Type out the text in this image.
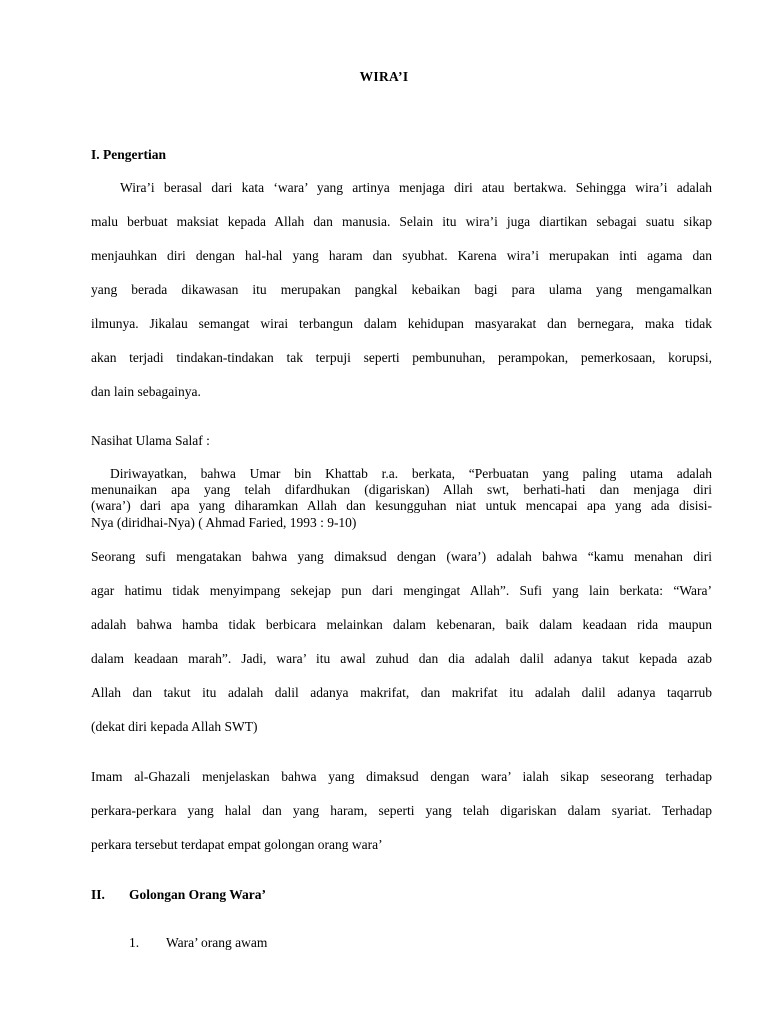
WIRA’I
I. Pengertian
Wira’i berasal dari kata ‘wara’ yang artinya menjaga diri atau bertakwa. Sehingga wira’i adalah
malu berbuat maksiat kepada Allah dan manusia. Selain itu wira’i juga diartikan sebagai suatu sikap
menjauhkan diri dengan hal-hal yang haram dan syubhat. Karena wira’i merupakan inti agama dan
yang berada dikawasan itu merupakan pangkal kebaikan bagi para ulama yang mengamalkan
ilmunya. Jikalau semangat wirai terbangun dalam kehidupan masyarakat dan bernegara, maka tidak
akan terjadi tindakan-tindakan tak terpuji seperti pembunuhan, perampokan, pemerkosaan, korupsi,
dan lain sebagainya.
Nasihat Ulama Salaf :
Diriwayatkan, bahwa Umar bin Khattab r.a. berkata, “Perbuatan yang paling utama adalah
menunaikan apa yang telah difardhukan (digariskan) Allah swt, berhati-hati dan menjaga diri
(wara’) dari apa yang diharamkan Allah dan kesungguhan niat untuk mencapai apa yang ada disisi-
Nya (diridhai-Nya) ( Ahmad Faried, 1993 : 9-10)
Seorang sufi mengatakan bahwa yang dimaksud dengan (wara’) adalah bahwa “kamu menahan diri
agar hatimu tidak menyimpang sekejap pun dari mengingat Allah”. Sufi yang lain berkata: “Wara’
adalah bahwa hamba tidak berbicara melainkan dalam kebenaran, baik dalam keadaan rida maupun
dalam keadaan marah”. Jadi, wara’ itu awal zuhud dan dia adalah dalil adanya takut kepada azab
Allah dan takut itu adalah dalil adanya makrifat, dan makrifat itu adalah dalil adanya taqarrub
(dekat diri kepada Allah SWT)
Imam al-Ghazali menjelaskan bahwa yang dimaksud dengan wara’ ialah sikap seseorang terhadap
perkara-perkara yang halal dan yang haram, seperti yang telah digariskan dalam syariat. Terhadap
perkara tersebut terdapat empat golongan orang wara’
II. Golongan Orang Wara’
1. Wara’ orang awam
